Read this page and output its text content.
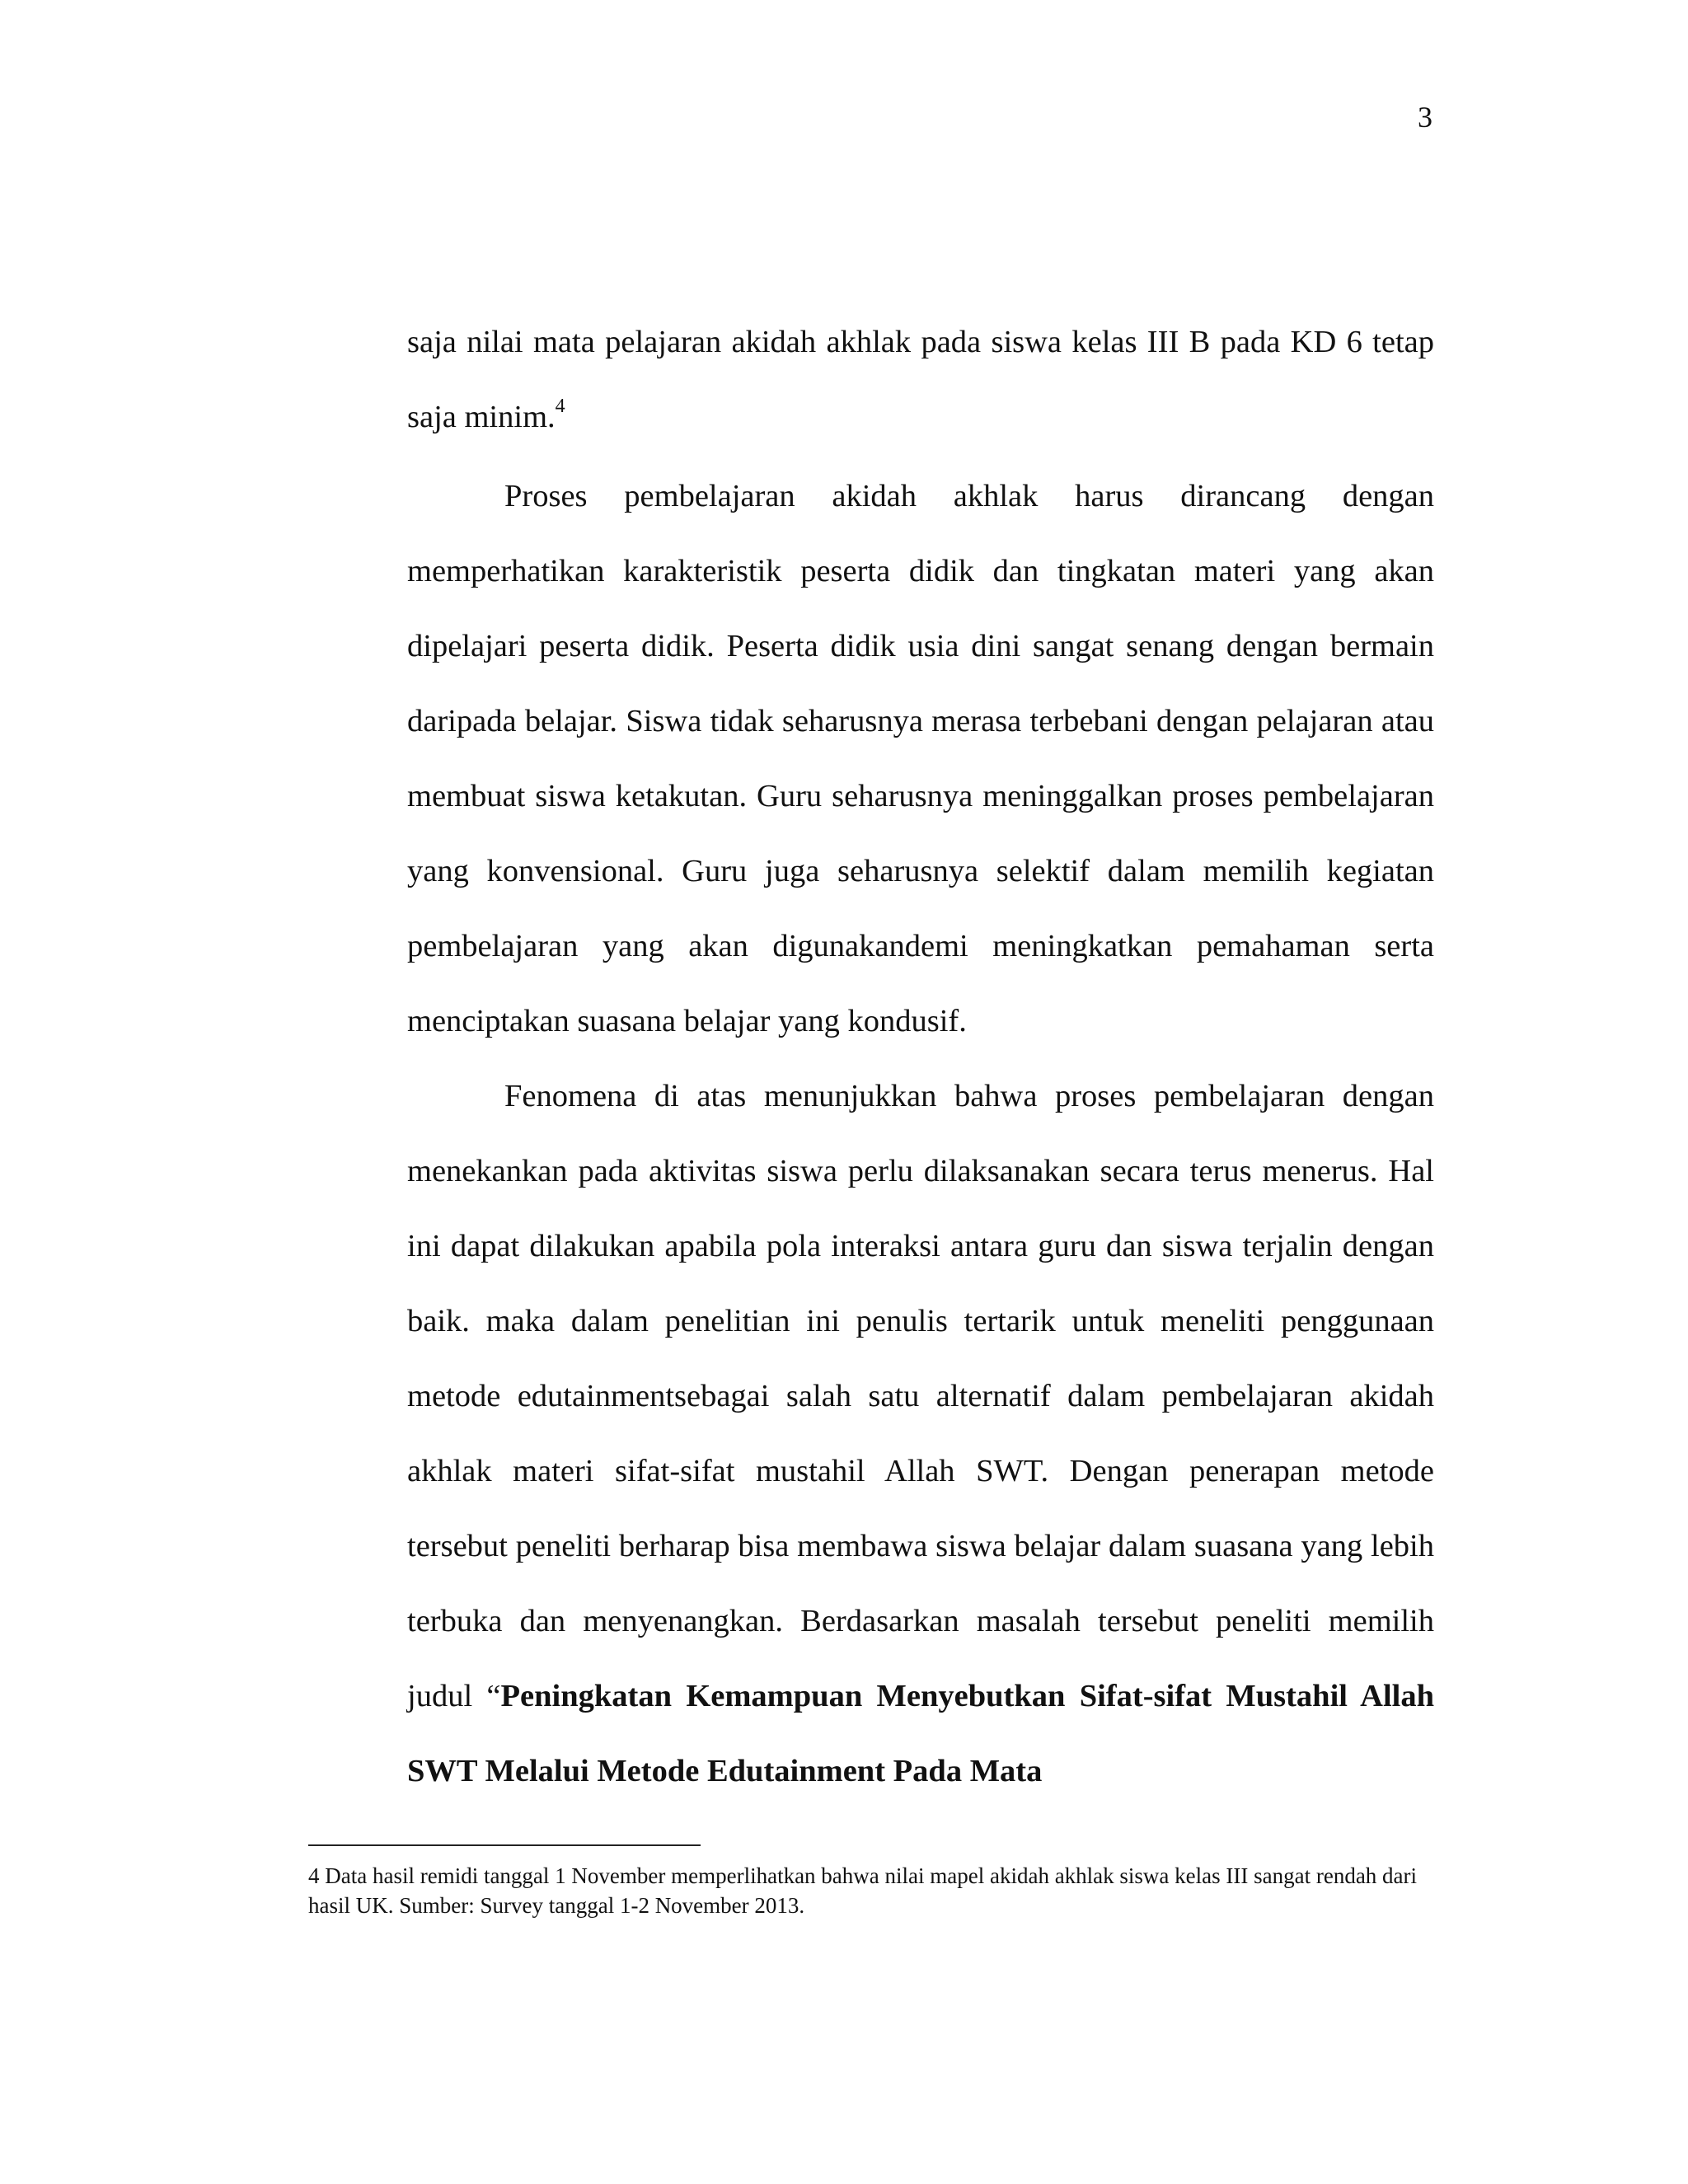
3

saja nilai mata pelajaran akidah akhlak pada siswa kelas III B pada KD 6 tetap saja minim.$^4$

Proses pembelajaran akidah akhlak harus dirancang dengan memperhatikan karakteristik peserta didik dan tingkatan materi yang akan dipelajari peserta didik. Peserta didik usia dini sangat senang dengan bermain daripada belajar. Siswa tidak seharusnya merasa terbebani dengan pelajaran atau membuat siswa ketakutan. Guru seharusnya meninggalkan proses pembelajaran yang konvensional. Guru juga seharusnya selektif dalam memilih kegiatan pembelajaran yang akan digunakandemi meningkatkan pemahaman serta menciptakan suasana belajar yang kondusif.

Fenomena di atas menunjukkan bahwa proses pembelajaran dengan menekankan pada aktivitas siswa perlu dilaksanakan secara terus menerus. Hal ini dapat dilakukan apabila pola interaksi antara guru dan siswa terjalin dengan baik. maka dalam penelitian ini penulis tertarik untuk meneliti penggunaan metode edutainmentsebagai salah satu alternatif dalam pembelajaran akidah akhlak materi sifat-sifat mustahil Allah SWT. Dengan penerapan metode tersebut peneliti berharap bisa membawa siswa belajar dalam suasana yang lebih terbuka dan menyenangkan. Berdasarkan masalah tersebut peneliti memilih judul “Peningkatan Kemampuan Menyebutkan Sifat-sifat Mustahil Allah SWT Melalui Metode Edutainment Pada Mata

4 Data hasil remidi tanggal 1 November memperlihatkan bahwa nilai mapel akidah akhlak siswa kelas III sangat rendah dari hasil UK. Sumber: Survey tanggal 1-2 November 2013.
